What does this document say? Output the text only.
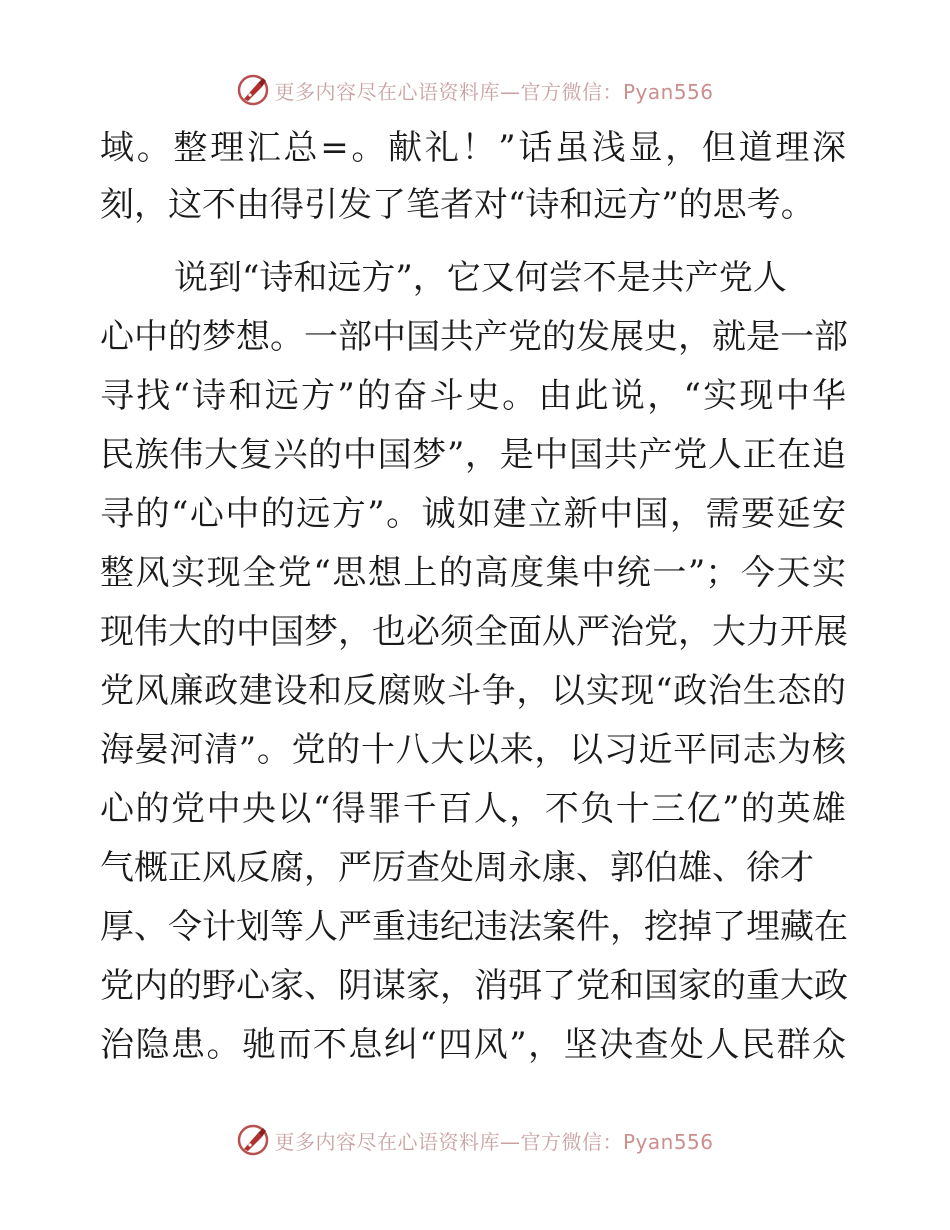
更多内容尽在心语资料库—官方微信：Pyan556
域。整理汇总=。献礼！”话虽浅显，但道理深
刻，这不由得引发了笔者对“诗和远方”的思考。
说到“诗和远方”，它又何尝不是共产党人
心中的梦想。一部中国共产党的发展史，就是一部
寻找“诗和远方”的奋斗史。由此说，“实现中华
民族伟大复兴的中国梦”，是中国共产党人正在追
寻的“心中的远方”。诚如建立新中国，需要延安
整风实现全党“思想上的高度集中统一”；今天实
现伟大的中国梦，也必须全面从严治党，大力开展
党风廉政建设和反腐败斗争，以实现“政治生态的
海晏河清”。党的十八大以来，以习近平同志为核
心的党中央以“得罪千百人，不负十三亿”的英雄
气概正风反腐，严厉查处周永康、郭伯雄、徐才
厚、令计划等人严重违纪违法案件，挖掉了埋藏在
党内的野心家、阴谋家，消弭了党和国家的重大政
治隐患。驰而不息纠“四风”，坚决查处人民群众
更多内容尽在心语资料库—官方微信：Pyan556
